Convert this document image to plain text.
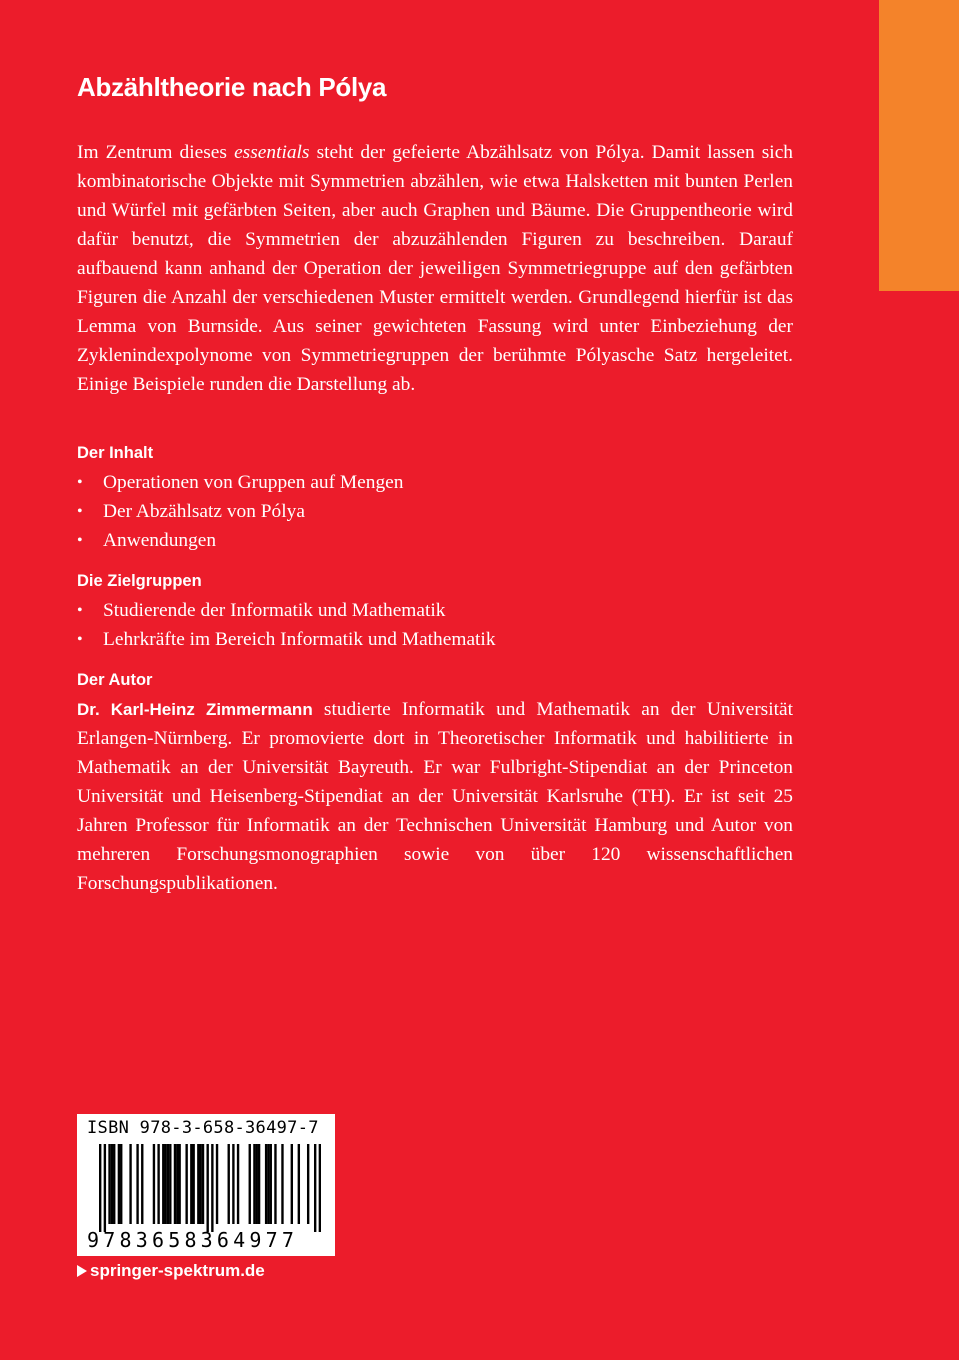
Abzähltheorie nach Pólya

Im Zentrum dieses essentials steht der gefeierte Abzählsatz von Pólya. Damit lassen sich kombinatorische Objekte mit Symmetrien abzählen, wie etwa Halsketten mit bunten Perlen und Würfel mit gefärbten Seiten, aber auch Graphen und Bäume. Die Gruppentheorie wird dafür benutzt, die Symmetrien der abzuzählenden Figuren zu beschreiben. Darauf aufbauend kann anhand der Operation der jeweiligen Symmetriegruppe auf den gefärbten Figuren die Anzahl der verschiedenen Muster ermittelt werden. Grundlegend hierfür ist das Lemma von Burnside. Aus seiner gewichteten Fassung wird unter Einbeziehung der Zyklenindexpolynome von Symmetriegruppen der berühmte Pólyasche Satz hergeleitet. Einige Beispiele runden die Darstellung ab.

Der Inhalt
• Operationen von Gruppen auf Mengen
• Der Abzählsatz von Pólya
• Anwendungen
Die Zielgruppen
• Studierende der Informatik und Mathematik
• Lehrkräfte im Bereich Informatik und Mathematik
Der Autor

Dr. Karl-Heinz Zimmermann studierte Informatik und Mathematik an der Universität Erlangen-Nürnberg. Er promovierte dort in Theoretischer Informatik und habilitierte in Mathematik an der Universität Bayreuth. Er war Fulbright-Stipendiat an der Princeton Universität und Heisenberg-Stipendiat an der Universität Karlsruhe (TH). Er ist seit 25 Jahren Professor für Informatik an der Technischen Universität Hamburg und Autor von mehreren Forschungsmonographien sowie von über 120 wissenschaftlichen Forschungspublikationen.

ISBN 978-3-658-36497-7
9783658364977
springer-spektrum.de
